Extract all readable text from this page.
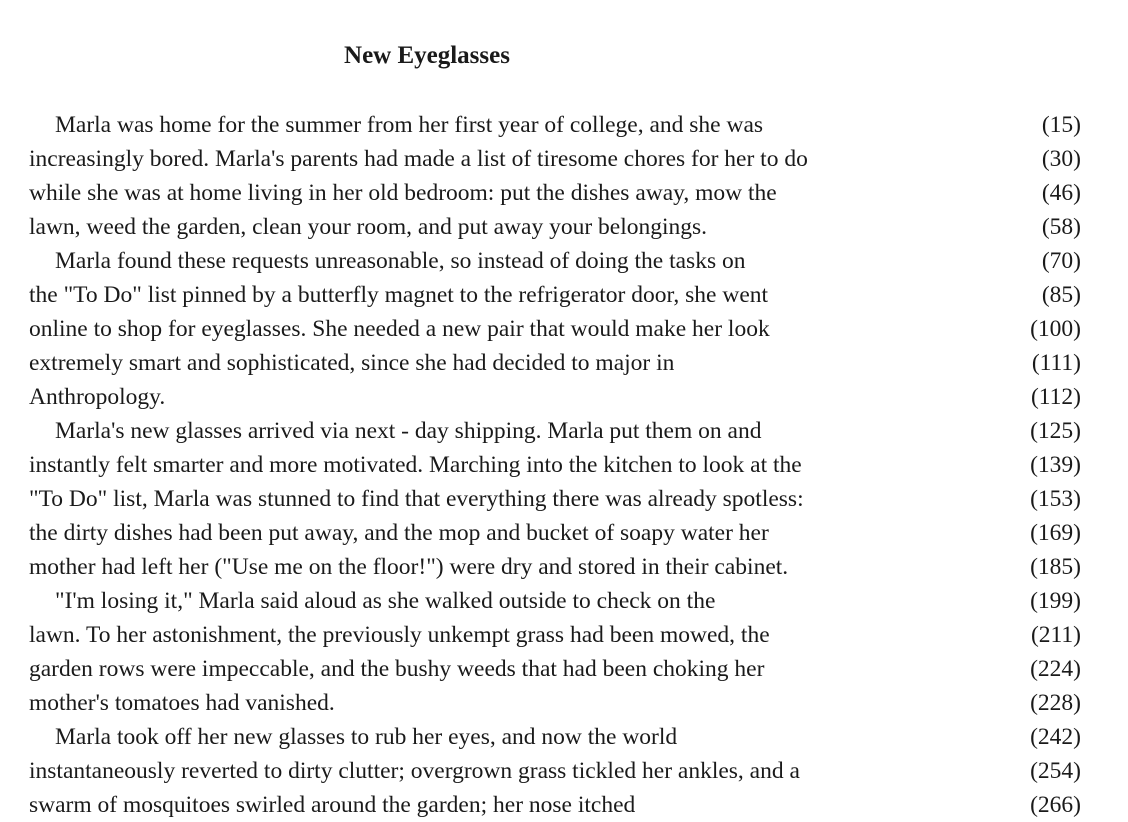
New Eyeglasses
Marla was home for the summer from her first year of college, and she was	(15)
increasingly bored. Marla's parents had made a list of tiresome chores for her to do	(30)
while she was at home living in her old bedroom: put the dishes away, mow the	(46)
lawn, weed the garden, clean your room, and put away your belongings.	(58)
Marla found these requests unreasonable, so instead of doing the tasks on	(70)
the "To Do" list pinned by a butterfly magnet to the refrigerator door, she went	(85)
online to shop for eyeglasses. She needed a new pair that would make her look	(100)
extremely smart and sophisticated, since she had decided to major in	(111)
Anthropology.	(112)
Marla's new glasses arrived via next - day shipping. Marla put them on and	(125)
instantly felt smarter and more motivated. Marching into the kitchen to look at the	(139)
"To Do" list, Marla was stunned to find that everything there was already spotless:	(153)
the dirty dishes had been put away, and the mop and bucket of soapy water her	(169)
mother had left her ("Use me on the floor!") were dry and stored in their cabinet.	(185)
"I'm losing it," Marla said aloud as she walked outside to check on the	(199)
lawn. To her astonishment, the previously unkempt grass had been mowed, the	(211)
garden rows were impeccable, and the bushy weeds that had been choking her	(224)
mother's tomatoes had vanished.	(228)
Marla took off her new glasses to rub her eyes, and now the world	(242)
instantaneously reverted to dirty clutter; overgrown grass tickled her ankles, and a	(254)
swarm of mosquitoes swirled around the garden; her nose itched	(266)
